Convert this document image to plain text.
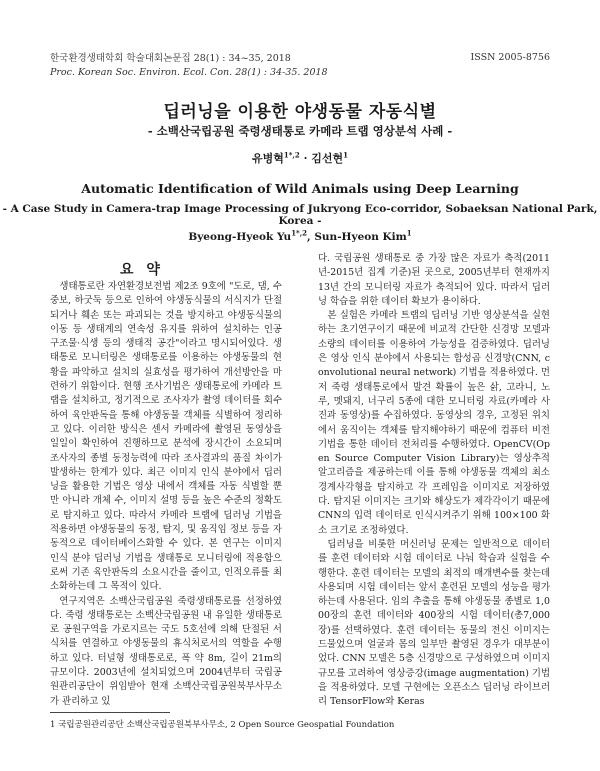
한국환경생태학회 학술대회논문집 28(1) : 34~35, 2018
Proc. Korean Soc. Environ. Ecol. Con. 28(1) : 34-35. 2018
ISSN 2005-8756
딥러닝을 이용한 야생동물 자동식별
- 소백산국립공원 죽령생태통로 카메라 트랩 영상분석 사례 -
유병혁$^{1*,2}$ · 김선현$^1$
Automatic Identification of Wild Animals using Deep Learning
- A Case Study in Camera-trap Image Processing of Jukryong Eco-corridor, Sobaeksan National Park, Korea -
Byeong-Hyeok $Yu^{1*,2}$, Sun-Hyeon Kim$^1$
요 약

생태통로란 자연환경보전법 제2조 9호에 "도로, 댐, 수중보, 하굿둑 등으로 인하여 야생동식물의 서식지가 단절되거나 훼손 또는 파괴되는 것을 방지하고 야생동식물의 이동 등 생태계의 연속성 유지를 위하여 설치하는 인공 구조물·식생 등의 생태적 공간"이라고 명시되어있다. 생태통로 모니터링은 생태통로를 이용하는 야생동물의 현황을 파악하고 설치의 실효성을 평가하여 개선방안을 마련하기 위함이다. 현행 조사기법은 생태통로에 카메라 트랩을 설치하고, 정기적으로 조사자가 촬영 데이터를 회수하여 육안판독을 통해 야생동물 객체를 식별하여 정리하고 있다. 이러한 방식은 센서 카메라에 촬영된 동영상을 일일이 확인하여 진행하므로 분석에 장시간이 소요되며 조사자의 종별 동정능력에 따라 조사결과의 품질 차이가 발생하는 한계가 있다. 최근 이미지 인식 분야에서 딥러닝을 활용한 기법은 영상 내에서 객체를 자동 식별할 뿐만 아니라 개체 수, 이미지 설명 등을 높은 수준의 정확도로 탐지하고 있다. 따라서 카메라 트랩에 딥러닝 기법을 적용하면 야생동물의 동정, 탐지, 및 움직임 정보 등을 자동적으로 데이터베이스화할 수 있다. 본 연구는 이미지 인식 분야 딥러닝 기법을 생태통로 모니터링에 적용함으로써 기존 육안판독의 소요시간을 줄이고, 인적오류를 최소화하는데 그 목적이 있다.

연구지역은 소백산국립공원 죽령생태통로를 선정하였다. 죽령 생태통로는 소백산국립공원 내 유일한 생태통로로 공원구역을 가로지르는 국도 5호선에 의해 단절된 서식처를 연결하고 야생동물의 휴식처로서의 역할을 수행하고 있다. 터널형 생태통로로, 폭 약 8m, 길이 21m의 규모이다. 2003년에 설치되었으며 2004년부터 국립공원관리공단이 위임받아 현재 소백산국립공원북부사무소가 관리하고 있

다. 국립공원 생태통로 중 가장 많은 자료가 축적(2011년-2015년 집계 기준)된 곳으로, 2005년부터 현재까지 13년 간의 모니터링 자료가 축적되어 있다. 따라서 딥러닝 학습을 위한 데이터 확보가 용이하다.

본 실험은 카메라 트랩의 딥러닝 기반 영상분석을 실현하는 초기연구이기 때문에 비교적 간단한 신경망 모델과 소량의 데이터를 이용하여 가능성을 검증하였다. 딥러닝은 영상 인식 분야에서 사용되는 합성곱 신경망(CNN, convolutional neural network) 기법을 적용하였다. 먼저 죽령 생태통로에서 발견 확률이 높은 삵, 고라니, 노루, 멧돼지, 너구리 5종에 대한 모니터링 자료(카메라 사진과 동영상)를 수집하였다. 동영상의 경우, 고정된 위치에서 움직이는 객체를 탐지해야하기 때문에 컴퓨터 비전 기법을 통한 데이터 전처리를 수행하였다. OpenCV(Open Source Computer Vision Library)는 영상추적 알고리즘을 제공하는데 이를 통해 야생동물 객체의 최소경계사각형을 탐지하고 각 프레임을 이미지로 저장하였다. 탐지된 이미지는 크기와 해상도가 제각각이기 때문에 CNN의 입력 데이터로 인식시켜주기 위해 100×100 화소 크기로 조정하였다.

딥러닝을 비롯한 머신러닝 문제는 일반적으로 데이터를 훈련 데이터와 시험 데이터로 나눠 학습과 실험을 수행한다. 훈련 데이터는 모델의 최적의 매개변수를 찾는데 사용되며 시험 데이터는 앞서 훈련된 모델의 성능을 평가하는데 사용된다. 임의 추출을 통해 야생동물 종별로 1,000장의 훈련 데이터와 400장의 시험 데이터(총7,000장)를 선택하였다. 훈련 데이터는 동물의 전신 이미지는 드물었으며 얼굴과 몸의 일부만 촬영된 경우가 대부분이었다. CNN 모델은 5층 신경망으로 구성하였으며 이미지 규모를 고려하여 영상증강(image augmentation) 기법을 적용하였다. 모델 구현에는 오픈소스 딥러닝 라이브러리 TensorFlow와 Keras

1 국립공원관리공단 소백산국립공원북부사무소, 2 Open Source Geospatial Foundation
